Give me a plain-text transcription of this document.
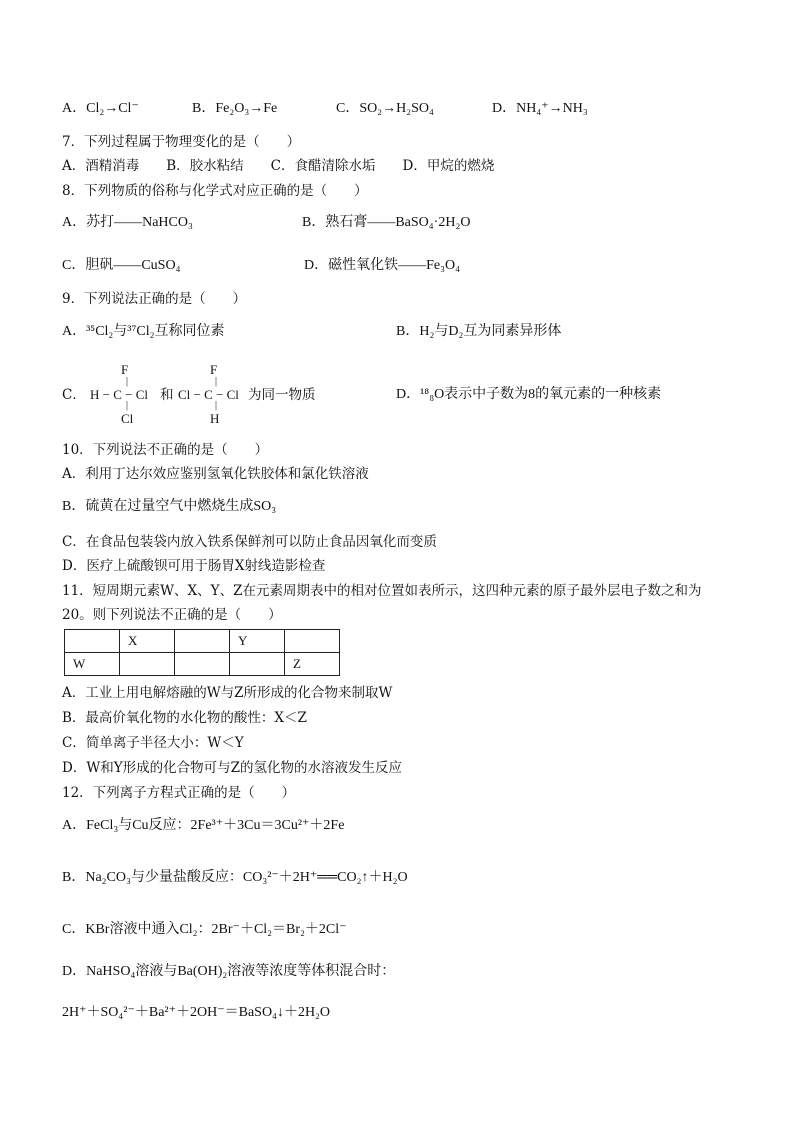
A．Cl₂→Cl⁻	B．Fe₂O₃→Fe	C．SO₂→H₂SO₄	D．NH₄⁺→NH₃
7．下列过程属于物理变化的是（　　）
A．酒精消毒　　B．胶水粘结　　C．食醋清除水垢　　D．甲烷的燃烧
8．下列物质的俗称与化学式对应正确的是（　　）
A．苏打——NaHCO₃	B．熟石膏——BaSO₄·2H₂O
C．胆矾——CuSO₄	D．磁性氧化铁——Fe₃O₄
9．下列说法正确的是（　　）
A．³⁵Cl₂与³⁷Cl₂互称同位素	B．H₂与D₂互为同素异形体
C．
F
|
H − C − Cl
|
Cl
和
F
|
Cl − C − Cl
|
H
为同一物质	D．¹⁸₈O表示中子数为8的氧元素的一种核素
10．下列说法不正确的是（　　）
A．利用丁达尔效应鉴别氢氧化铁胶体和氯化铁溶液
B．硫黄在过量空气中燃烧生成SO₃
C．在食品包装袋内放入铁系保鲜剂可以防止食品因氧化而变质
D．医疗上硫酸钡可用于肠胃X射线造影检查
11．短周期元素W、X、Y、Z在元素周期表中的相对位置如表所示，这四种元素的原子最外层电子数之和为
20。则下列说法不正确的是（　　）
	X		Y	
W				Z
A．工业上用电解熔融的W与Z所形成的化合物来制取W
B．最高价氧化物的水化物的酸性：X＜Z
C．简单离子半径大小：W＜Y
D．W和Y形成的化合物可与Z的氢化物的水溶液发生反应
12．下列离子方程式正确的是（　　）
A．FeCl₃与Cu反应：2Fe³⁺＋3Cu＝3Cu²⁺＋2Fe
B．Na₂CO₃与少量盐酸反应：CO₃²⁻＋2H⁺══CO₂↑＋H₂O
C．KBr溶液中通入Cl₂：2Br⁻＋Cl₂＝Br₂＋2Cl⁻
D．NaHSO₄溶液与Ba(OH)₂溶液等浓度等体积混合时：
2H⁺＋SO₄²⁻＋Ba²⁺＋2OH⁻＝BaSO₄↓＋2H₂O
